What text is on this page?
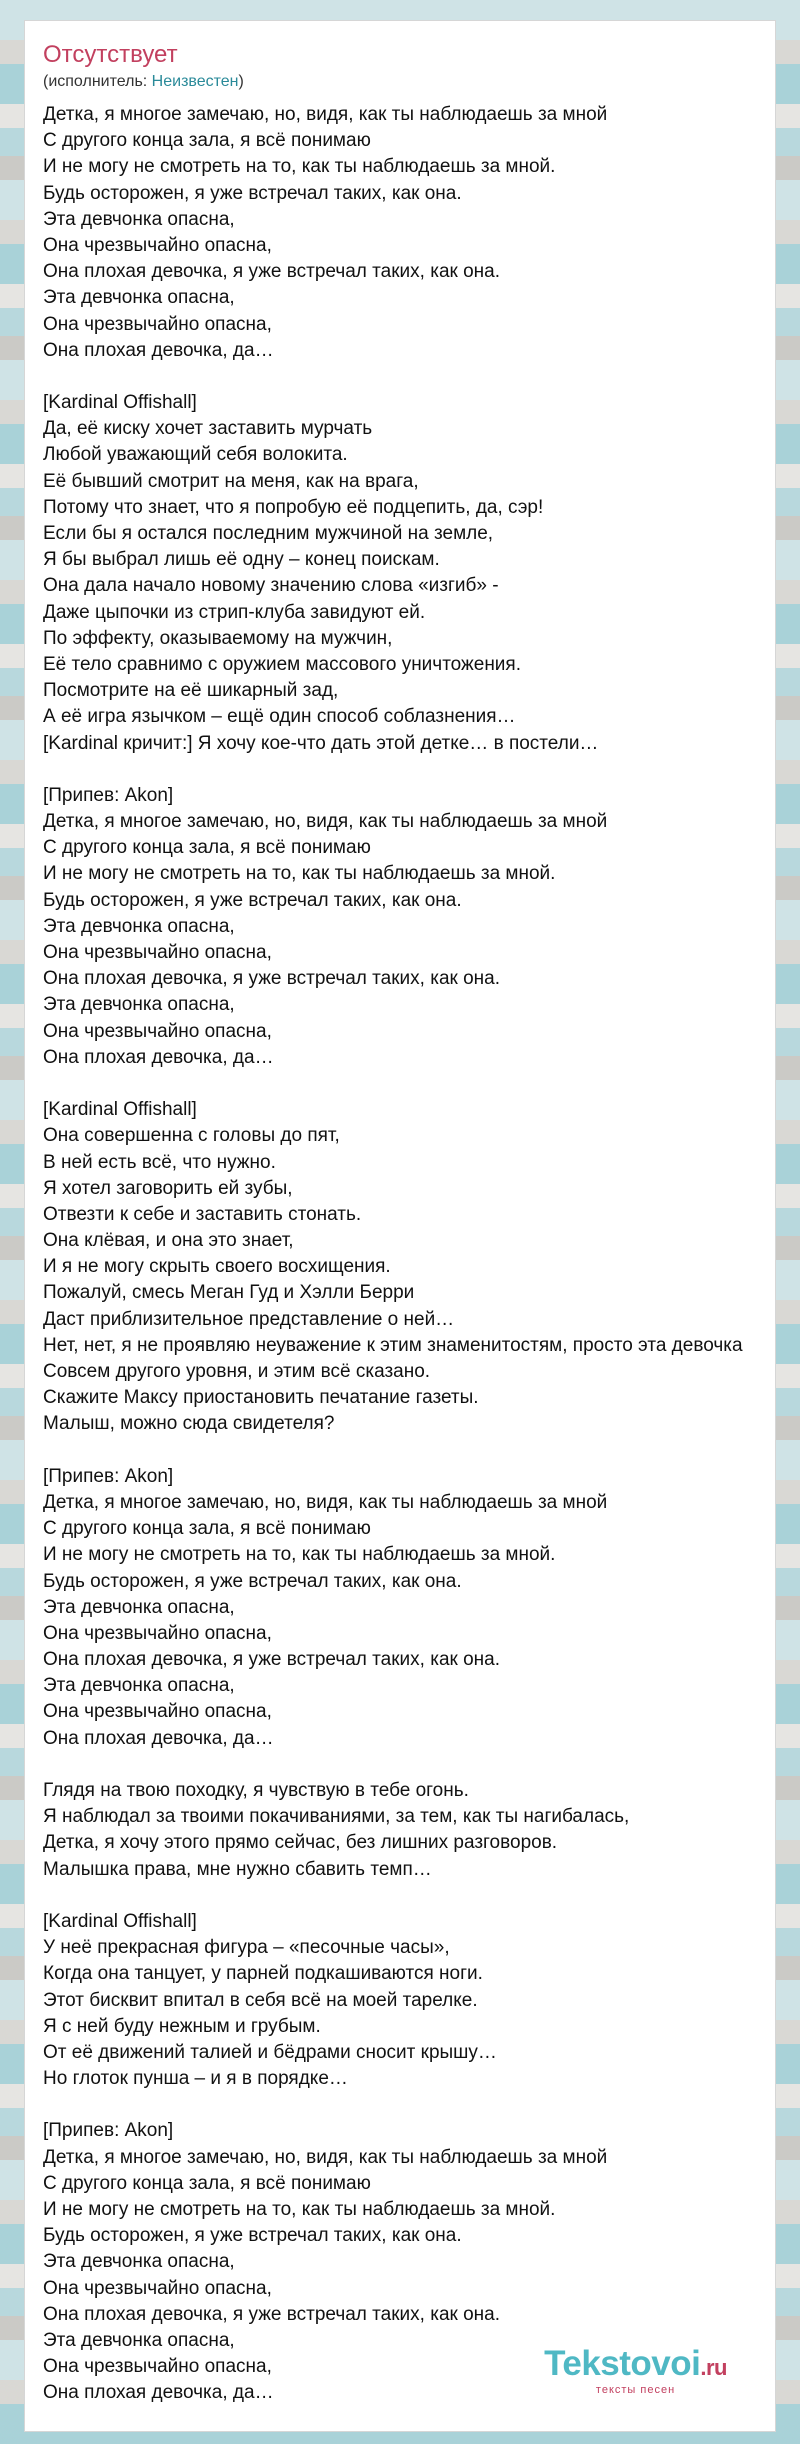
Отсутствует
(исполнитель: Неизвестен)
Детка, я многое замечаю, но, видя, как ты наблюдаешь за мной
С другого конца зала, я всё понимаю
И не могу не смотреть на то, как ты наблюдаешь за мной.
Будь осторожен, я уже встречал таких, как она.
Эта девчонка опасна,
Она чрезвычайно опасна,
Она плохая девочка, я уже встречал таких, как она.
Эта девчонка опасна,
Она чрезвычайно опасна,
Она плохая девочка, да…
[Kardinal Offishall]
Да, её киску хочет заставить мурчать
Любой уважающий себя волокита.
Её бывший смотрит на меня, как на врага,
Потому что знает, что я попробую её подцепить, да, сэр!
Если бы я остался последним мужчиной на земле,
Я бы выбрал лишь её одну – конец поискам.
Она дала начало новому значению слова «изгиб» -
Даже цыпочки из стрип-клуба завидуют ей.
По эффекту, оказываемому на мужчин,
Её тело сравнимо с оружием массового уничтожения.
Посмотрите на её шикарный зад,
А её игра язычком – ещё один способ соблазнения…
[Kardinal кричит:] Я хочу кое-что дать этой детке… в постели…
[Припев: Akon]
Детка, я многое замечаю, но, видя, как ты наблюдаешь за мной
С другого конца зала, я всё понимаю
И не могу не смотреть на то, как ты наблюдаешь за мной.
Будь осторожен, я уже встречал таких, как она.
Эта девчонка опасна,
Она чрезвычайно опасна,
Она плохая девочка, я уже встречал таких, как она.
Эта девчонка опасна,
Она чрезвычайно опасна,
Она плохая девочка, да…
[Kardinal Offishall]
Она совершенна с головы до пят,
В ней есть всё, что нужно.
Я хотел заговорить ей зубы,
Отвезти к себе и заставить стонать.
Она клёвая, и она это знает,
И я не могу скрыть своего восхищения.
Пожалуй, смесь Меган Гуд и Хэлли Берри
Даст приблизительное представление о ней…
Нет, нет, я не проявляю неуважение к этим знаменитостям, просто эта девочка
Совсем другого уровня, и этим всё сказано.
Скажите Максу приостановить печатание газеты.
Малыш, можно сюда свидетеля?
[Припев: Akon]
Детка, я многое замечаю, но, видя, как ты наблюдаешь за мной
С другого конца зала, я всё понимаю
И не могу не смотреть на то, как ты наблюдаешь за мной.
Будь осторожен, я уже встречал таких, как она.
Эта девчонка опасна,
Она чрезвычайно опасна,
Она плохая девочка, я уже встречал таких, как она.
Эта девчонка опасна,
Она чрезвычайно опасна,
Она плохая девочка, да…
Глядя на твою походку, я чувствую в тебе огонь.
Я наблюдал за твоими покачиваниями, за тем, как ты нагибалась,
Детка, я хочу этого прямо сейчас, без лишних разговоров.
Малышка права, мне нужно сбавить темп…
[Kardinal Offishall]
У неё прекрасная фигура – «песочные часы»,
Когда она танцует, у парней подкашиваются ноги.
Этот бисквит впитал в себя всё на моей тарелке.
Я с ней буду нежным и грубым.
От её движений талией и бёдрами сносит крышу…
Но глоток пунша – и я в порядке…
[Припев: Akon]
Детка, я многое замечаю, но, видя, как ты наблюдаешь за мной
С другого конца зала, я всё понимаю
И не могу не смотреть на то, как ты наблюдаешь за мной.
Будь осторожен, я уже встречал таких, как она.
Эта девчонка опасна,
Она чрезвычайно опасна,
Она плохая девочка, я уже встречал таких, как она.
Эта девчонка опасна,
Она чрезвычайно опасна,
Она плохая девочка, да…
Tekstovoi.ru
тексты песен
